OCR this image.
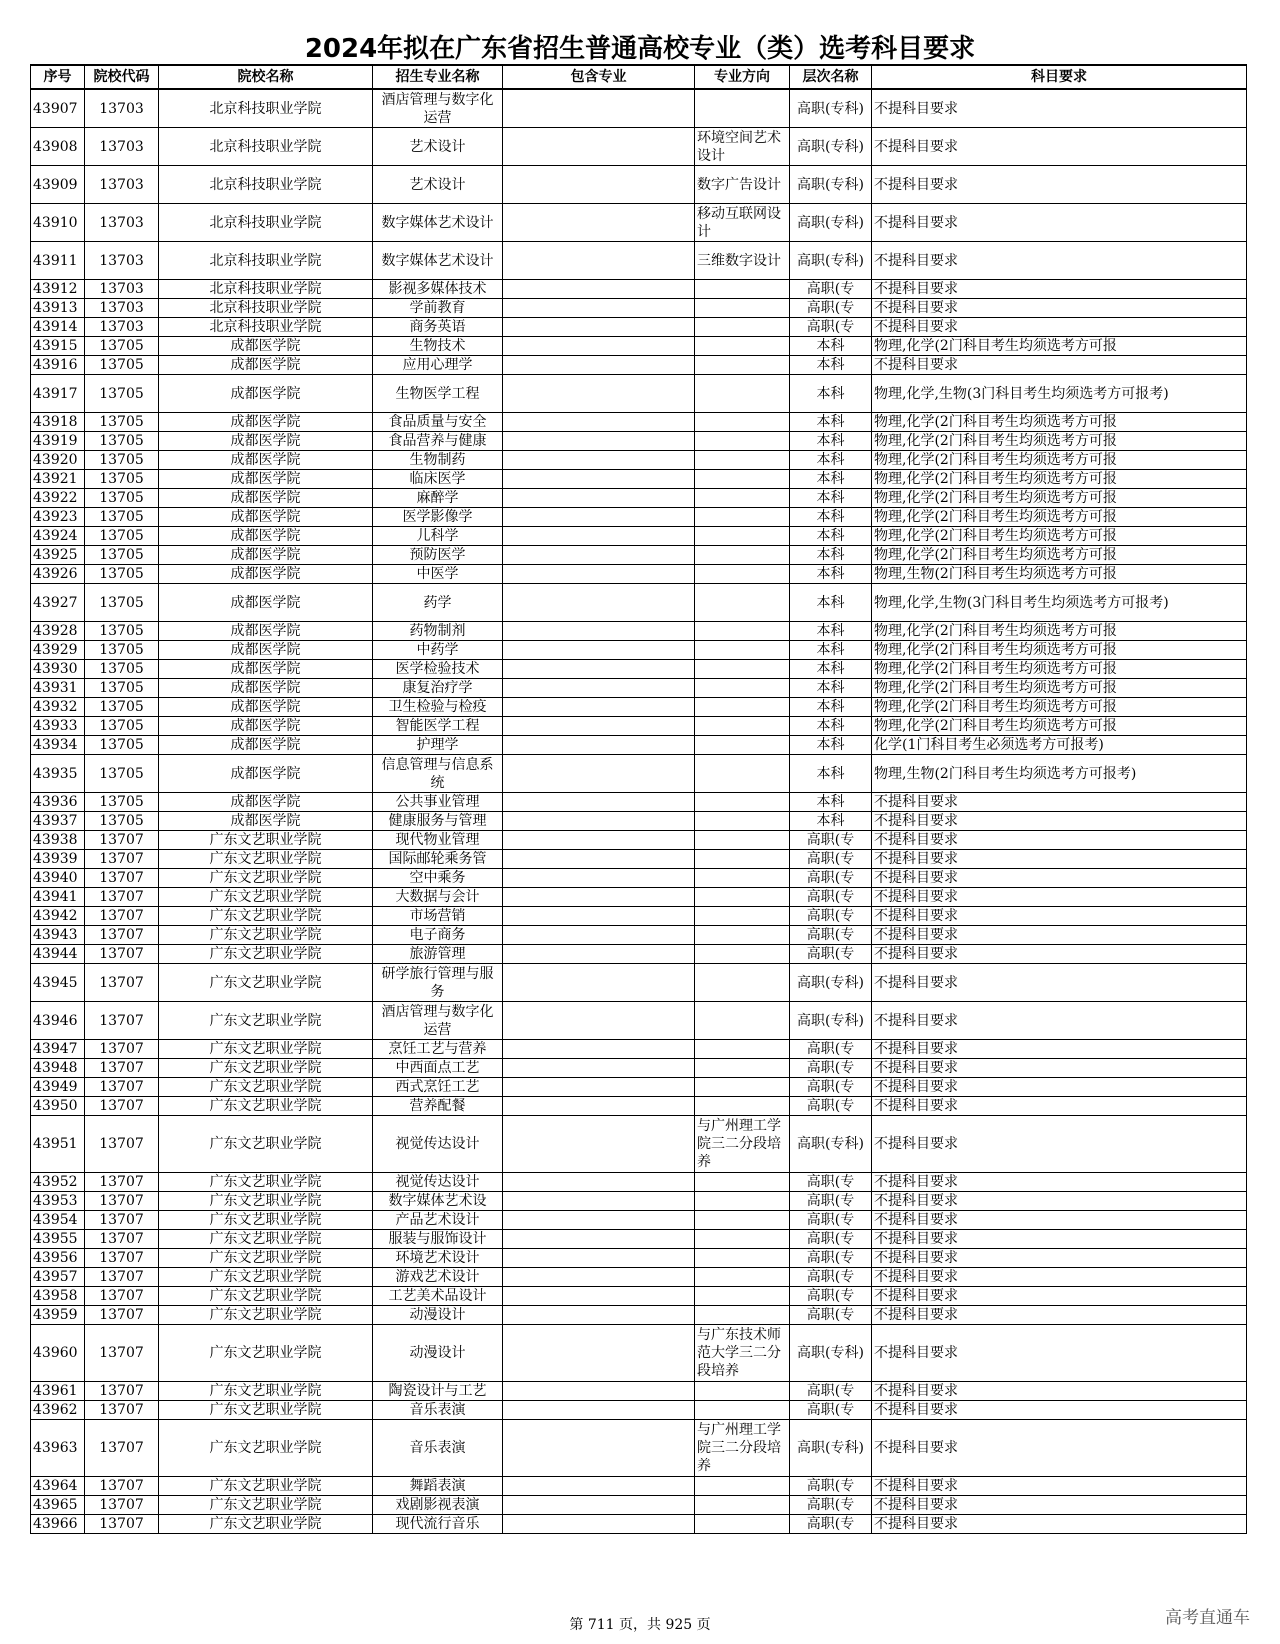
2024年拟在广东省招生普通高校专业（类）选考科目要求
序号	院校代码	院校名称	招生专业名称	包含专业	专业方向	层次名称	科目要求
43907	13703	北京科技职业学院	酒店管理与数字化运营			高职(专科)	不提科目要求
43908	13703	北京科技职业学院	艺术设计		环境空间艺术设计	高职(专科)	不提科目要求
43909	13703	北京科技职业学院	艺术设计		数字广告设计	高职(专科)	不提科目要求
43910	13703	北京科技职业学院	数字媒体艺术设计		移动互联网设计	高职(专科)	不提科目要求
43911	13703	北京科技职业学院	数字媒体艺术设计		三维数字设计	高职(专科)	不提科目要求
43912	13703	北京科技职业学院	影视多媒体技术			高职(专	不提科目要求
43913	13703	北京科技职业学院	学前教育			高职(专	不提科目要求
43914	13703	北京科技职业学院	商务英语			高职(专	不提科目要求
43915	13705	成都医学院	生物技术			本科	物理,化学(2门科目考生均须选考方可报
43916	13705	成都医学院	应用心理学			本科	不提科目要求
43917	13705	成都医学院	生物医学工程			本科	物理,化学,生物(3门科目考生均须选考方可报考)
43918	13705	成都医学院	食品质量与安全			本科	物理,化学(2门科目考生均须选考方可报
43919	13705	成都医学院	食品营养与健康			本科	物理,化学(2门科目考生均须选考方可报
43920	13705	成都医学院	生物制药			本科	物理,化学(2门科目考生均须选考方可报
43921	13705	成都医学院	临床医学			本科	物理,化学(2门科目考生均须选考方可报
43922	13705	成都医学院	麻醉学			本科	物理,化学(2门科目考生均须选考方可报
43923	13705	成都医学院	医学影像学			本科	物理,化学(2门科目考生均须选考方可报
43924	13705	成都医学院	儿科学			本科	物理,化学(2门科目考生均须选考方可报
43925	13705	成都医学院	预防医学			本科	物理,化学(2门科目考生均须选考方可报
43926	13705	成都医学院	中医学			本科	物理,生物(2门科目考生均须选考方可报
43927	13705	成都医学院	药学			本科	物理,化学,生物(3门科目考生均须选考方可报考)
43928	13705	成都医学院	药物制剂			本科	物理,化学(2门科目考生均须选考方可报
43929	13705	成都医学院	中药学			本科	物理,化学(2门科目考生均须选考方可报
43930	13705	成都医学院	医学检验技术			本科	物理,化学(2门科目考生均须选考方可报
43931	13705	成都医学院	康复治疗学			本科	物理,化学(2门科目考生均须选考方可报
43932	13705	成都医学院	卫生检验与检疫			本科	物理,化学(2门科目考生均须选考方可报
43933	13705	成都医学院	智能医学工程			本科	物理,化学(2门科目考生均须选考方可报
43934	13705	成都医学院	护理学			本科	化学(1门科目考生必须选考方可报考)
43935	13705	成都医学院	信息管理与信息系统			本科	物理,生物(2门科目考生均须选考方可报考)
43936	13705	成都医学院	公共事业管理			本科	不提科目要求
43937	13705	成都医学院	健康服务与管理			本科	不提科目要求
43938	13707	广东文艺职业学院	现代物业管理			高职(专	不提科目要求
43939	13707	广东文艺职业学院	国际邮轮乘务管			高职(专	不提科目要求
43940	13707	广东文艺职业学院	空中乘务			高职(专	不提科目要求
43941	13707	广东文艺职业学院	大数据与会计			高职(专	不提科目要求
43942	13707	广东文艺职业学院	市场营销			高职(专	不提科目要求
43943	13707	广东文艺职业学院	电子商务			高职(专	不提科目要求
43944	13707	广东文艺职业学院	旅游管理			高职(专	不提科目要求
43945	13707	广东文艺职业学院	研学旅行管理与服务			高职(专科)	不提科目要求
43946	13707	广东文艺职业学院	酒店管理与数字化运营			高职(专科)	不提科目要求
43947	13707	广东文艺职业学院	烹饪工艺与营养			高职(专	不提科目要求
43948	13707	广东文艺职业学院	中西面点工艺			高职(专	不提科目要求
43949	13707	广东文艺职业学院	西式烹饪工艺			高职(专	不提科目要求
43950	13707	广东文艺职业学院	营养配餐			高职(专	不提科目要求
43951	13707	广东文艺职业学院	视觉传达设计		与广州理工学院三二分段培养	高职(专科)	不提科目要求
43952	13707	广东文艺职业学院	视觉传达设计			高职(专	不提科目要求
43953	13707	广东文艺职业学院	数字媒体艺术设			高职(专	不提科目要求
43954	13707	广东文艺职业学院	产品艺术设计			高职(专	不提科目要求
43955	13707	广东文艺职业学院	服装与服饰设计			高职(专	不提科目要求
43956	13707	广东文艺职业学院	环境艺术设计			高职(专	不提科目要求
43957	13707	广东文艺职业学院	游戏艺术设计			高职(专	不提科目要求
43958	13707	广东文艺职业学院	工艺美术品设计			高职(专	不提科目要求
43959	13707	广东文艺职业学院	动漫设计			高职(专	不提科目要求
43960	13707	广东文艺职业学院	动漫设计		与广东技术师范大学三二分段培养	高职(专科)	不提科目要求
43961	13707	广东文艺职业学院	陶瓷设计与工艺			高职(专	不提科目要求
43962	13707	广东文艺职业学院	音乐表演			高职(专	不提科目要求
43963	13707	广东文艺职业学院	音乐表演		与广州理工学院三二分段培养	高职(专科)	不提科目要求
43964	13707	广东文艺职业学院	舞蹈表演			高职(专	不提科目要求
43965	13707	广东文艺职业学院	戏剧影视表演			高职(专	不提科目要求
43966	13707	广东文艺职业学院	现代流行音乐			高职(专	不提科目要求
第 711 页，共 925 页	高考直通车
